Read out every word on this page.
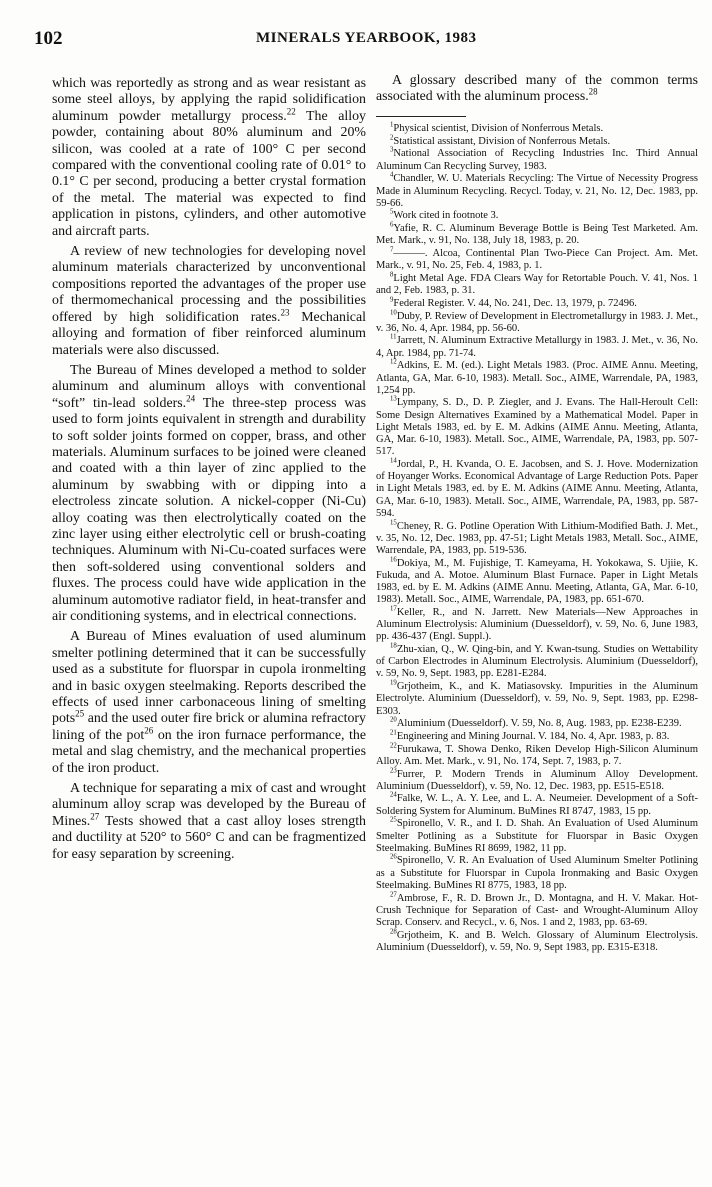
102	MINERALS YEARBOOK, 1983

which was reportedly as strong and as wear resistant as some steel alloys, by applying the rapid solidification aluminum powder metallurgy process.$^{22}$ The alloy powder, containing about 80% aluminum and 20% silicon, was cooled at a rate of 100° C per second compared with the conventional cooling rate of 0.01° to 0.1° C per second, producing a better crystal formation of the metal. The material was expected to find application in pistons, cylinders, and other automotive and aircraft parts.

A review of new technologies for developing novel aluminum materials characterized by unconventional compositions reported the advantages of the proper use of thermomechanical processing and the possibilities offered by high solidification rates.$^{23}$ Mechanical alloying and formation of fiber reinforced aluminum materials were also discussed.

The Bureau of Mines developed a method to solder aluminum and aluminum alloys with conventional “soft” tin-lead solders.$^{24}$ The three-step process was used to form joints equivalent in strength and durability to soft solder joints formed on copper, brass, and other materials. Aluminum surfaces to be joined were cleaned and coated with a thin layer of zinc applied to the aluminum by swabbing with or dipping into a electroless zincate solution. A nickel-copper (Ni-Cu) alloy coating was then electrolytically coated on the zinc layer using either electrolytic cell or brush-coating techniques. Aluminum with Ni-Cu-coated surfaces were then soft-soldered using conventional solders and fluxes. The process could have wide application in the aluminum automotive radiator field, in heat-transfer and air conditioning systems, and in electrical connections.

A Bureau of Mines evaluation of used aluminum smelter potlining determined that it can be successfully used as a substitute for fluorspar in cupola ironmelting and in basic oxygen steelmaking. Reports described the effects of used inner carbonaceous lining of smelting pots$^{25}$ and the used outer fire brick or alumina refractory lining of the pot$^{26}$ on the iron furnace performance, the metal and slag chemistry, and the mechanical properties of the iron product.

A technique for separating a mix of cast and wrought aluminum alloy scrap was developed by the Bureau of Mines.$^{27}$ Tests showed that a cast alloy loses strength and ductility at 520° to 560° C and can be fragmentized for easy separation by screening.

A glossary described many of the common terms associated with the aluminum process.$^{28}$

$^1$Physical scientist, Division of Nonferrous Metals.

$^2$Statistical assistant, Division of Nonferrous Metals.

$^3$National Association of Recycling Industries Inc. Third Annual Aluminum Can Recycling Survey, 1983.

$^4$Chandler, W. U. Materials Recycling: The Virtue of Necessity Progress Made in Aluminum Recycling. Recycl. Today, v. 21, No. 12, Dec. 1983, pp. 59-66.

$^5$Work cited in footnote 3.

$^6$Yafie, R. C. Aluminum Beverage Bottle is Being Test Marketed. Am. Met. Mark., v. 91, No. 138, July 18, 1983, p. 20.

$^7$———. Alcoa, Continental Plan Two-Piece Can Project. Am. Met. Mark., v. 91, No. 25, Feb. 4, 1983, p. 1.

$^8$Light Metal Age. FDA Clears Way for Retortable Pouch. V. 41, Nos. 1 and 2, Feb. 1983, p. 31.

$^9$Federal Register. V. 44, No. 241, Dec. 13, 1979, p. 72496.

$^{10}$Duby, P. Review of Development in Electrometallurgy in 1983. J. Met., v. 36, No. 4, Apr. 1984, pp. 56-60.

$^{11}$Jarrett, N. Aluminum Extractive Metallurgy in 1983. J. Met., v. 36, No. 4, Apr. 1984, pp. 71-74.

$^{12}$Adkins, E. M. (ed.). Light Metals 1983. (Proc. AIME Annu. Meeting, Atlanta, GA, Mar. 6-10, 1983). Metall. Soc., AIME, Warrendale, PA, 1983, 1,254 pp.

$^{13}$Lympany, S. D., D. P. Ziegler, and J. Evans. The Hall-Heroult Cell: Some Design Alternatives Examined by a Mathematical Model. Paper in Light Metals 1983, ed. by E. M. Adkins (AIME Annu. Meeting, Atlanta, GA, Mar. 6-10, 1983). Metall. Soc., AIME, Warrendale, PA, 1983, pp. 507-517.

$^{14}$Jordal, P., H. Kvanda, O. E. Jacobsen, and S. J. Hove. Modernization of Hoyanger Works. Economical Advantage of Large Reduction Pots. Paper in Light Metals 1983, ed. by E. M. Adkins (AIME Annu. Meeting, Atlanta, GA, Mar. 6-10, 1983). Metall. Soc., AIME, Warrendale, PA, 1983, pp. 587-594.

$^{15}$Cheney, R. G. Potline Operation With Lithium-Modified Bath. J. Met., v. 35, No. 12, Dec. 1983, pp. 47-51; Light Metals 1983, Metall. Soc., AIME, Warrendale, PA, 1983, pp. 519-536.

$^{16}$Dokiya, M., M. Fujishige, T. Kameyama, H. Yokokawa, S. Ujiie, K. Fukuda, and A. Motoe. Aluminum Blast Furnace. Paper in Light Metals 1983, ed. by E. M. Adkins (AIME Annu. Meeting, Atlanta, GA, Mar. 6-10, 1983). Metall. Soc., AIME, Warrendale, PA, 1983, pp. 651-670.

$^{17}$Keller, R., and N. Jarrett. New Materials—New Approaches in Aluminum Electrolysis: Aluminium (Duesseldorf), v. 59, No. 6, June 1983, pp. 436-437 (Engl. Suppl.).

$^{18}$Zhu-xian, Q., W. Qing-bin, and Y. Kwan-tsung. Studies on Wettability of Carbon Electrodes in Aluminum Electrolysis. Aluminium (Duesseldorf), v. 59, No. 9, Sept. 1983, pp. E281-E284.

$^{19}$Grjotheim, K., and K. Matiasovsky. Impurities in the Aluminum Electrolyte. Aluminium (Duesseldorf), v. 59, No. 9, Sept. 1983, pp. E298-E303.

$^{20}$Aluminium (Duesseldorf). V. 59, No. 8, Aug. 1983, pp. E238-E239.

$^{21}$Engineering and Mining Journal. V. 184, No. 4, Apr. 1983, p. 83.

$^{22}$Furukawa, T. Showa Denko, Riken Develop High-Silicon Aluminum Alloy. Am. Met. Mark., v. 91, No. 174, Sept. 7, 1983, p. 7.

$^{23}$Furrer, P. Modern Trends in Aluminum Alloy Development. Aluminium (Duesseldorf), v. 59, No. 12, Dec. 1983, pp. E515-E518.

$^{24}$Falke, W. L., A. Y. Lee, and L. A. Neumeier. Development of a Soft-Soldering System for Aluminum. BuMines RI 8747, 1983, 15 pp.

$^{25}$Spironello, V. R., and I. D. Shah. An Evaluation of Used Aluminum Smelter Potlining as a Substitute for Fluorspar in Basic Oxygen Steelmaking. BuMines RI 8699, 1982, 11 pp.

$^{26}$Spironello, V. R. An Evaluation of Used Aluminum Smelter Potlining as a Substitute for Fluorspar in Cupola Ironmaking and Basic Oxygen Steelmaking. BuMines RI 8775, 1983, 18 pp.

$^{27}$Ambrose, F., R. D. Brown Jr., D. Montagna, and H. V. Makar. Hot-Crush Technique for Separation of Cast- and Wrought-Aluminum Alloy Scrap. Conserv. and Recycl., v. 6, Nos. 1 and 2, 1983, pp. 63-69.

$^{28}$Grjotheim, K. and B. Welch. Glossary of Aluminum Electrolysis. Aluminium (Duesseldorf), v. 59, No. 9, Sept 1983, pp. E315-E318.
